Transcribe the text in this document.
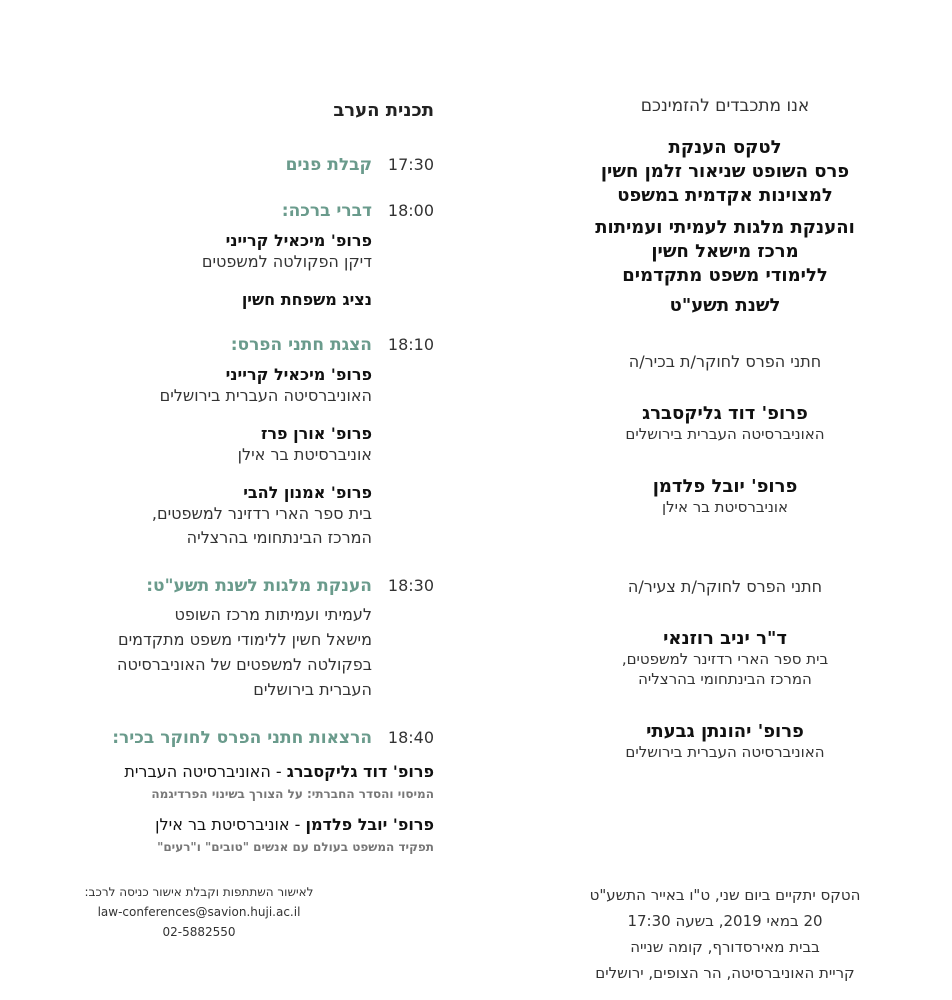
אנו מתכבדים להזמינכם
לטקס הענקת
פרס השופט שניאור זלמן חשין
למצוינות אקדמית במשפט
והענקת מלגות לעמיתי ועמיתות
מרכז מישאל חשין
ללימודי משפט מתקדמים
לשנת תשע"ט
חתני הפרס לחוקר/ת בכיר/ה
פרופ' דוד גליקסברג
האוניברסיטה העברית בירושלים
פרופ' יובל פלדמן
אוניברסיטת בר אילן
חתני הפרס לחוקר/ת צעיר/ה
ד"ר יניב רוזנאי
בית ספר הארי רדזינר למשפטים,
המרכז הבינתחומי בהרצליה
פרופ' יהונתן גבעתי
האוניברסיטה העברית בירושלים
הטקס יתקיים ביום שני, ט"ו באייר התשע"ט
20 במאי 2019, בשעה 17:30
בבית מאירסדורף, קומה שנייה
קריית האוניברסיטה, הר הצופים, ירושלים
תכנית הערב
17:30
קבלת פנים
18:00
דברי ברכה:
פרופ' מיכאיל קרייני
דיקן הפקולטה למשפטים
נציג משפחת חשין
18:10
הצגת חתני הפרס:
פרופ' מיכאיל קרייני
האוניברסיטה העברית בירושלים
פרופ' אורן פרז
אוניברסיטת בר אילן
פרופ' אמנון להבי
בית ספר הארי רדזינר למשפטים,
המרכז הבינתחומי בהרצליה
18:30
הענקת מלגות לשנת תשע"ט:
לעמיתי ועמיתות מרכז השופט
מישאל חשין ללימודי משפט מתקדמים
בפקולטה למשפטים של האוניברסיטה
העברית בירושלים
18:40
הרצאות חתני הפרס לחוקר בכיר:
פרופ' דוד גליקסברג - האוניברסיטה העברית
המיסוי והסדר החברתי: על הצורך בשינוי הפרדיגמה
פרופ' יובל פלדמן - אוניברסיטת בר אילן
תפקיד המשפט בעולם עם אנשים "טובים" ו"רעים"
לאישור השתתפות וקבלת אישור כניסה לרכב:
law-conferences@savion.huji.ac.il
02-5882550
